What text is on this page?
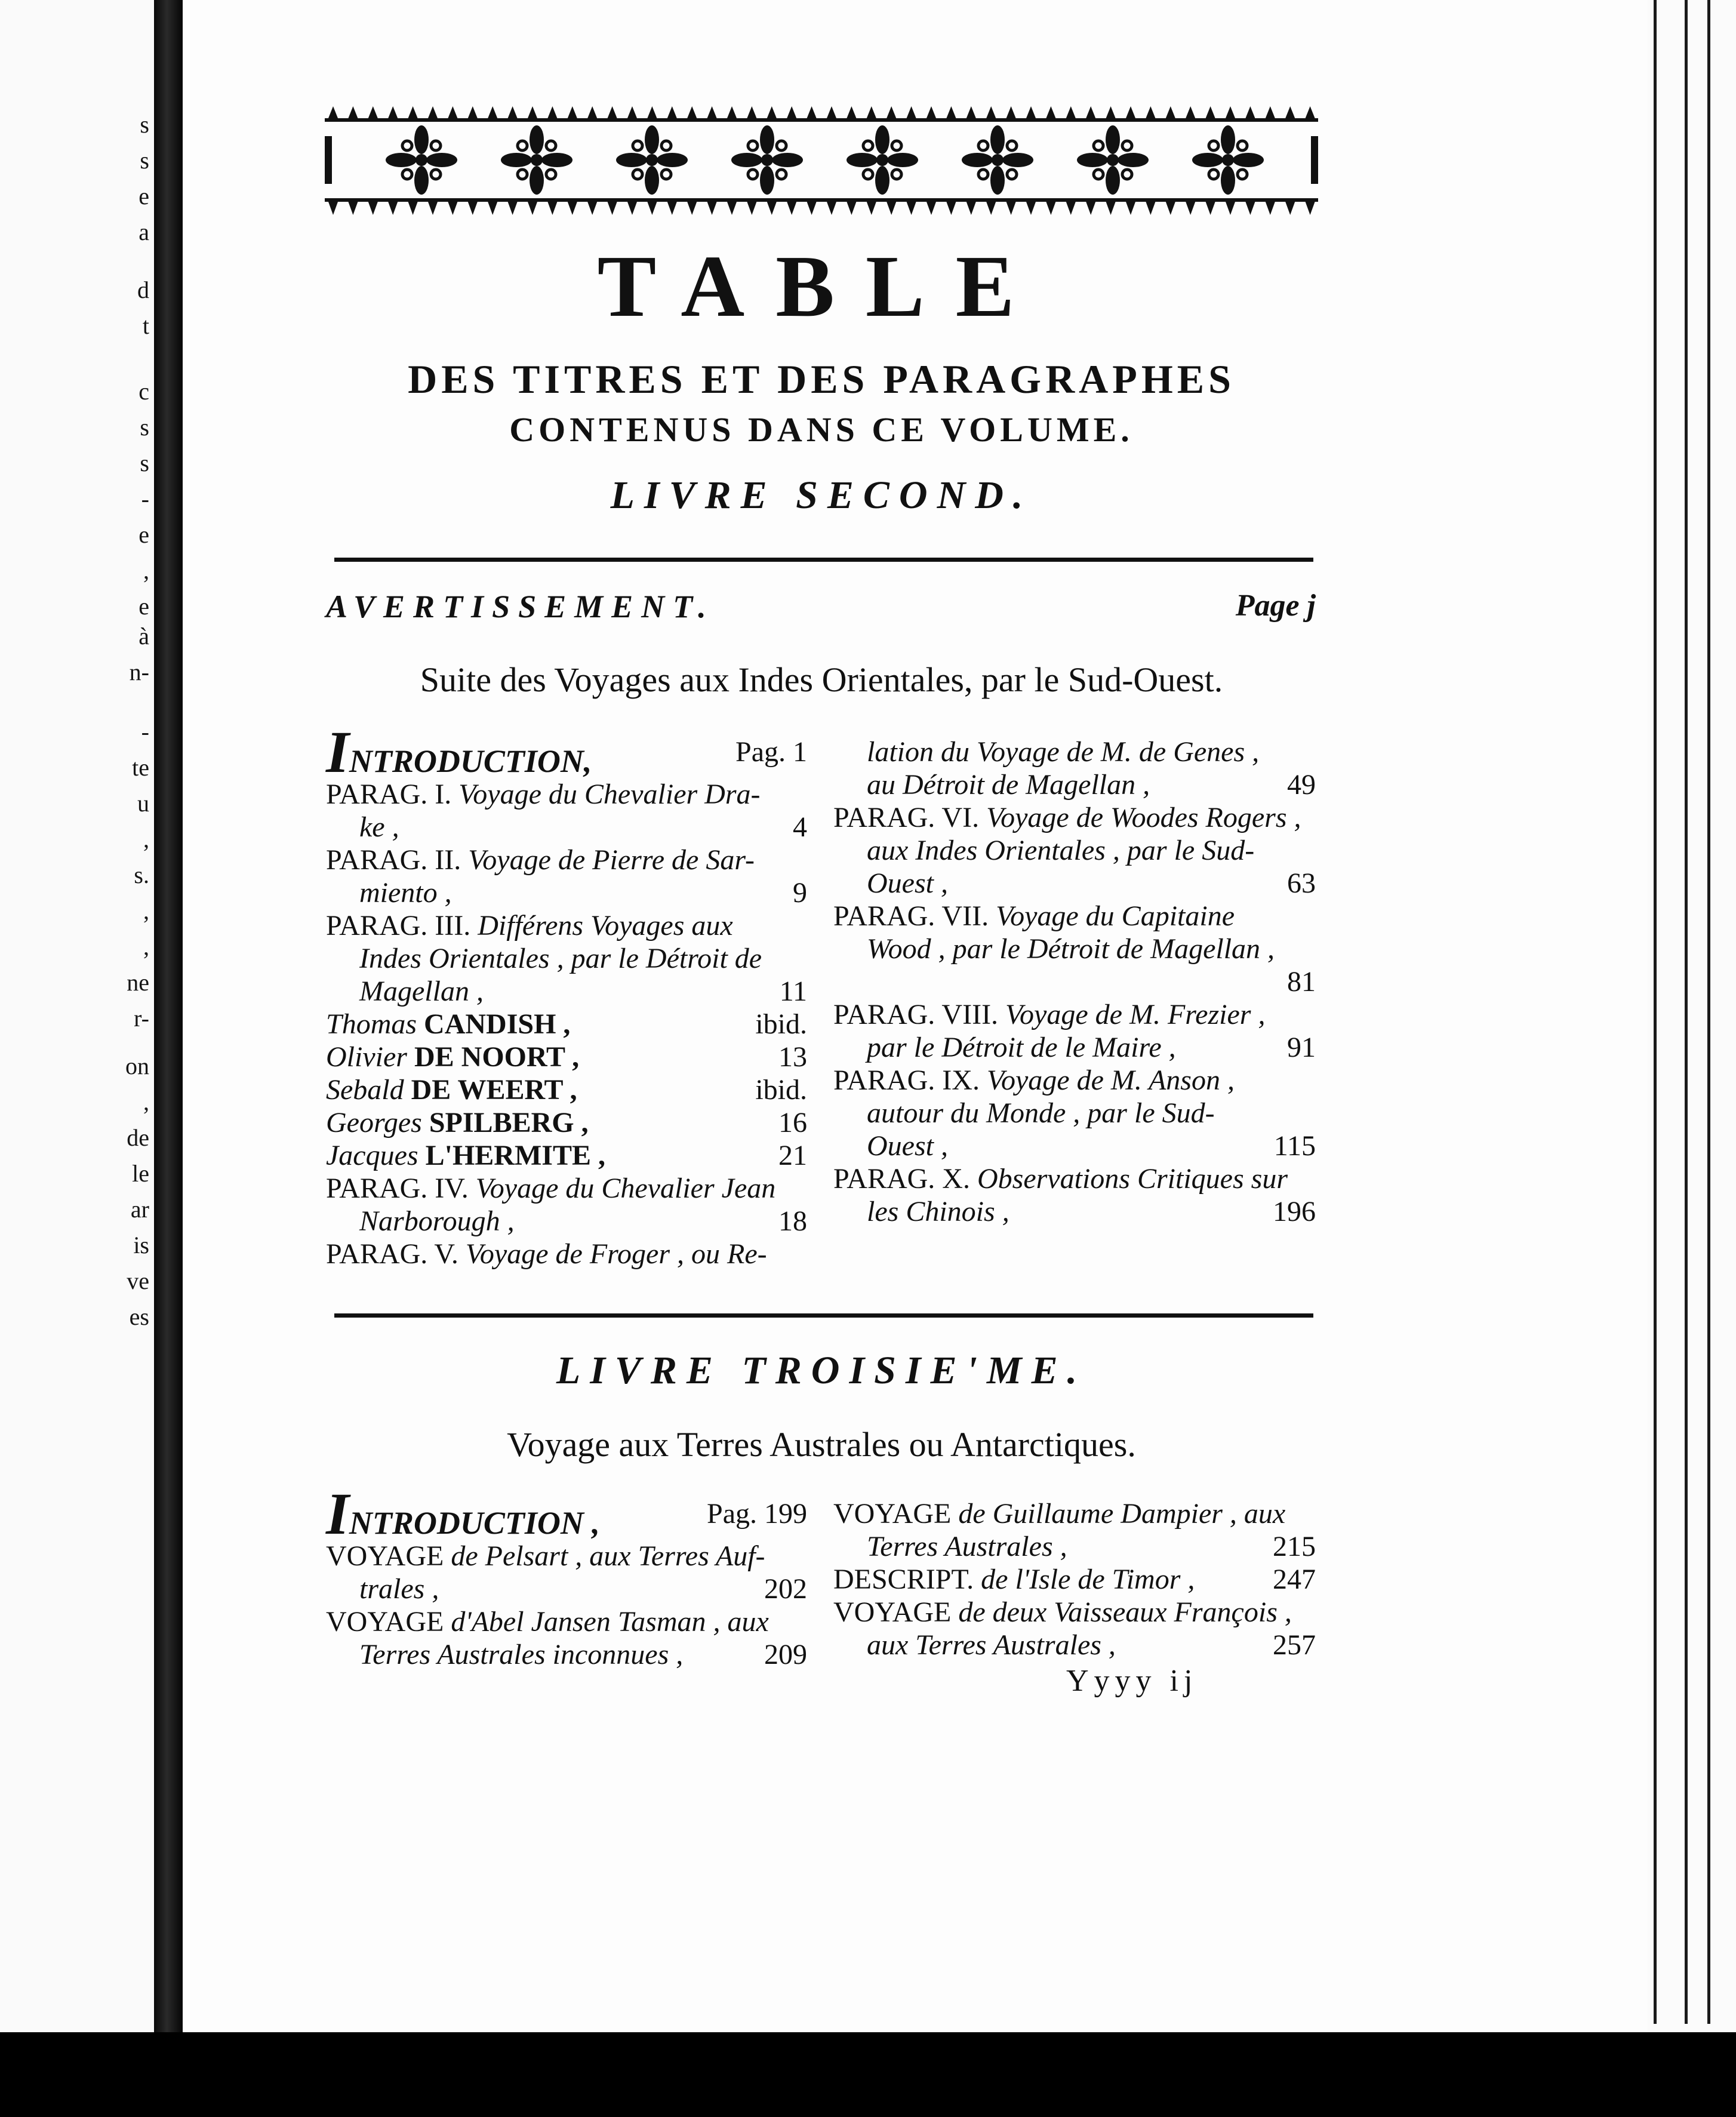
s
s
e
a
d
t
c
s
s
-
e
,
e
à
n-
-
te
u
,
s.
,
,
ne
r-
on
,
de
le
ar
is
ve
es
TABLE
DES TITRES ET DES PARAGRAPHES
CONTENUS DANS CE VOLUME.
LIVRE SECOND.
AVERTISSEMENT.	Page j
Suite des Voyages aux Indes Orientales, par le Sud-Ouest.
INTRODUCTION,	Pag. 1
PARAG. I. Voyage du Chevalier Dra-
ke ,	4
PARAG. II. Voyage de Pierre de Sar-
miento ,	9
PARAG. III. Différens Voyages aux
Indes Orientales , par le Détroit de
Magellan ,	11
Thomas CANDISH ,	ibid.
Olivier DE NOORT ,	13
Sebald DE WEERT ,	ibid.
Georges SPILBERG ,	16
Jacques L'HERMITE ,	21
PARAG. IV. Voyage du Chevalier Jean
Narborough ,	18
PARAG. V. Voyage de Froger , ou Re-
lation du Voyage de M. de Genes ,
au Détroit de Magellan ,	49
PARAG. VI. Voyage de Woodes Rogers ,
aux Indes Orientales , par le Sud-
Ouest ,	63
PARAG. VII. Voyage du Capitaine
Wood , par le Détroit de Magellan ,
81
PARAG. VIII. Voyage de M. Frezier ,
par le Détroit de le Maire ,	91
PARAG. IX. Voyage de M. Anson ,
autour du Monde , par le Sud-
Ouest ,	115
PARAG. X. Observations Critiques sur
les Chinois ,	196
LIVRE TROISIE'ME.
Voyage aux Terres Australes ou Antarctiques.
INTRODUCTION ,	Pag. 199
VOYAGE de Pelsart , aux Terres Auf-
trales ,	202
VOYAGE d'Abel Jansen Tasman , aux
Terres Australes inconnues ,	209
VOYAGE de Guillaume Dampier , aux
Terres Australes ,	215
DESCRIPT. de l'Isle de Timor ,	247
VOYAGE de deux Vaisseaux François ,
aux Terres Australes ,	257
Yyyy ij
